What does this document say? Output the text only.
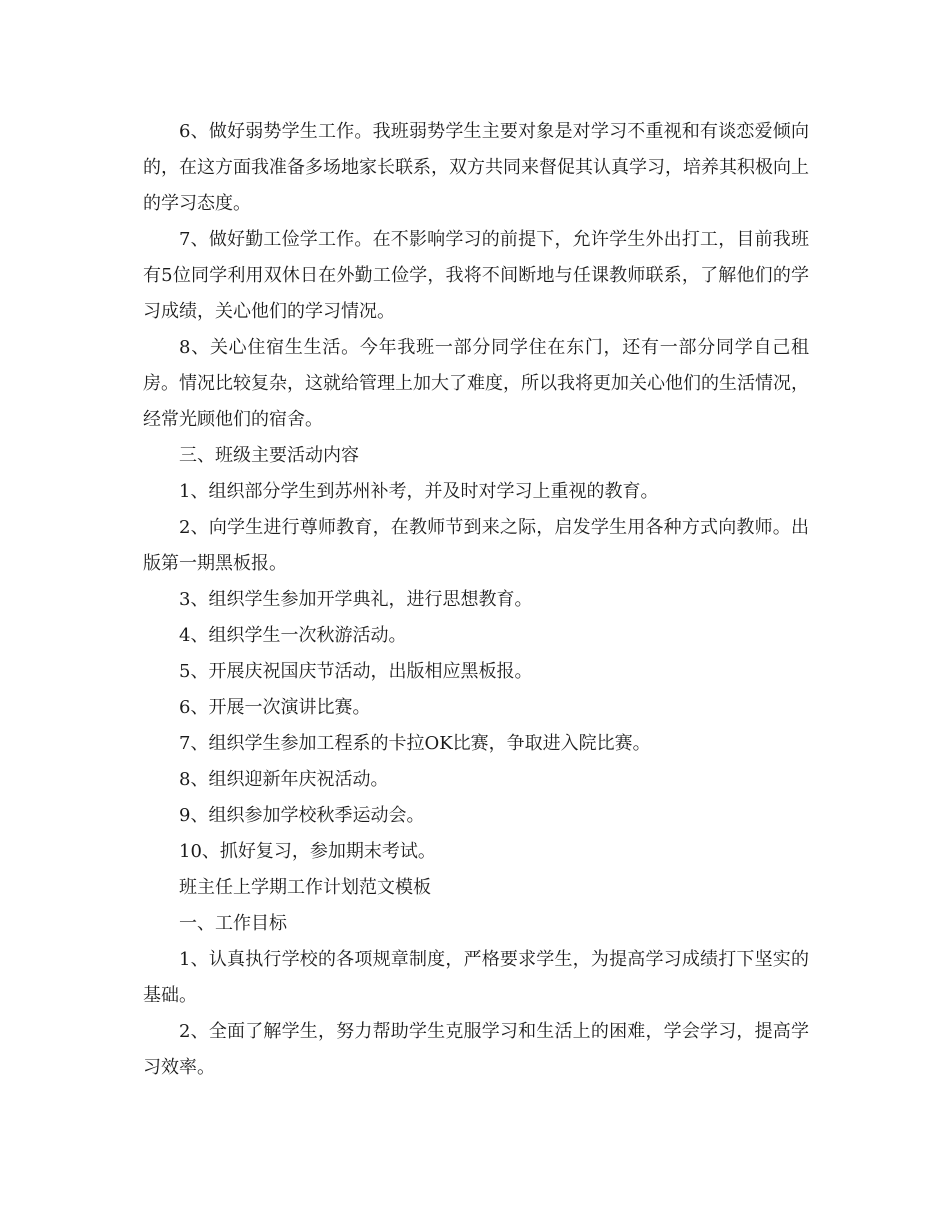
6、做好弱势学生工作。我班弱势学生主要对象是对学习不重视和有谈恋爱倾向的，在这方面我准备多场地家长联系，双方共同来督促其认真学习，培养其积极向上的学习态度。

7、做好勤工俭学工作。在不影响学习的前提下，允许学生外出打工，目前我班有5位同学利用双休日在外勤工俭学，我将不间断地与任课教师联系，了解他们的学习成绩，关心他们的学习情况。

8、关心住宿生生活。今年我班一部分同学住在东门，还有一部分同学自己租房。情况比较复杂，这就给管理上加大了难度，所以我将更加关心他们的生活情况，经常光顾他们的宿舍。

三、班级主要活动内容

1、组织部分学生到苏州补考，并及时对学习上重视的教育。

2、向学生进行尊师教育，在教师节到来之际，启发学生用各种方式向教师。出版第一期黑板报。

3、组织学生参加开学典礼，进行思想教育。

4、组织学生一次秋游活动。

5、开展庆祝国庆节活动，出版相应黑板报。

6、开展一次演讲比赛。

7、组织学生参加工程系的卡拉OK比赛，争取进入院比赛。

8、组织迎新年庆祝活动。

9、组织参加学校秋季运动会。

10、抓好复习，参加期末考试。

班主任上学期工作计划范文模板

一、工作目标

1、认真执行学校的各项规章制度，严格要求学生，为提高学习成绩打下坚实的基础。

2、全面了解学生，努力帮助学生克服学习和生活上的困难，学会学习，提高学习效率。
